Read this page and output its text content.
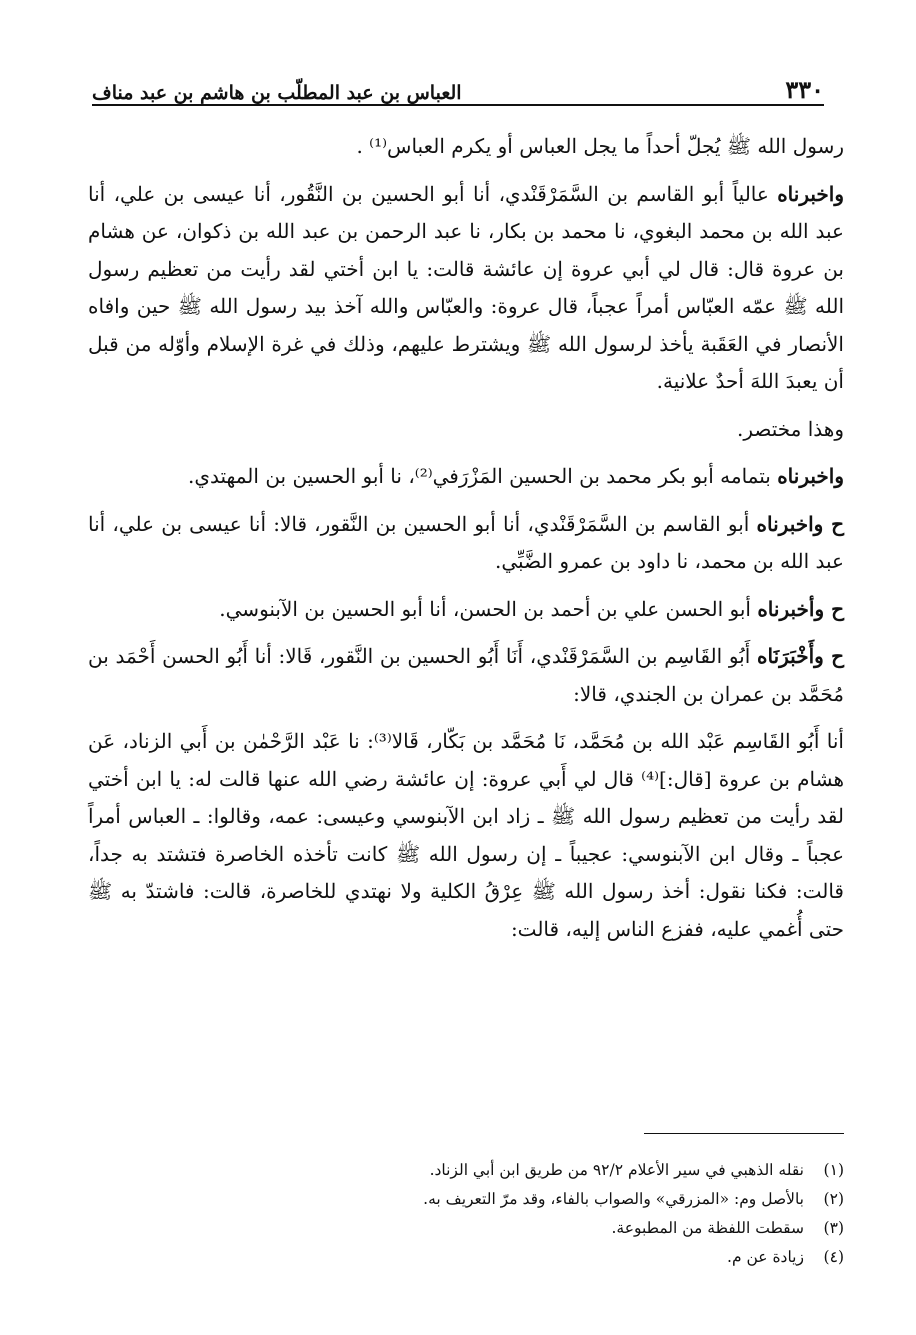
٣٣٠
العباس بن عبد المطلّب بن هاشم بن عبد مناف

رسول الله ﷺ يُجلّ أحداً ما يجل العباس أو يكرم العباس⁽¹⁾ .

واخبرناه عالياً أبو القاسم بن السَّمَرْقَنْدي، أنا أبو الحسين بن النَّقُور، أنا عيسى بن علي، أنا عبد الله بن محمد البغوي، نا محمد بن بكار، نا عبد الرحمن بن عبد الله بن ذكوان، عن هشام بن عروة قال: قال لي أبي عروة إن عائشة قالت: يا ابن أختي لقد رأيت من تعظيم رسول الله ﷺ عمّه العبّاس أمراً عجباً، قال عروة: والعبّاس والله آخذ بيد رسول الله ﷺ حين وافاه الأنصار في العَقَبة يأخذ لرسول الله ﷺ ويشترط عليهم، وذلك في غرة الإسلام وأوّله من قبل أن يعبدَ اللهَ أحدٌ علانية.

وهذا مختصر.

واخبرناه بتمامه أبو بكر محمد بن الحسين المَزْرَفي⁽²⁾، نا أبو الحسين بن المهتدي.

ح واخبرناه أبو القاسم بن السَّمَرْقَنْدي، أنا أبو الحسين بن النَّقور، قالا: أنا عيسى بن علي، أنا عبد الله بن محمد، نا داود بن عمرو الضَّبِّي.

ح وأخبرناه أبو الحسن علي بن أحمد بن الحسن، أنا أبو الحسين بن الآبنوسي.

ح وأَخْبَرَنَاه أَبُو القَاسِم بن السَّمَرْقَنْدي، أَنَا أَبُو الحسين بن النَّقور، قَالا: أنا أَبُو الحسن أَحْمَد بن مُحَمَّد بن عمران بن الجندي، قالا:

أنا أَبُو القَاسِم عَبْد الله بن مُحَمَّد، نَا مُحَمَّد بن بَكّار، قَالا⁽³⁾: نا عَبْد الرَّحْمٰن بن أَبي الزناد، عَن هشام بن عروة [قال:]⁽⁴⁾ قال لي أَبي عروة: إن عائشة رضي الله عنها قالت له: يا ابن أختي لقد رأيت من تعظيم رسول الله ﷺ ـ زاد ابن الآبنوسي وعيسى: عمه، وقالوا: ـ العباس أمراً عجباً ـ وقال ابن الآبنوسي: عجيباً ـ إن رسول الله ﷺ كانت تأخذه الخاصرة فتشتد به جداً، قالت: فكنا نقول: أخذ رسول الله ﷺ عِرْقُ الكلية ولا نهتدي للخاصرة، قالت: فاشتدّ به ﷺ حتى أُغمي عليه، ففزع الناس إليه، قالت:

(١)
نقله الذهبي في سير الأعلام ٩٢/٢ من طريق ابن أبي الزناد.
(٢)
بالأصل وم: «المزرقي» والصواب بالفاء، وقد مرّ التعريف به.
(٣)
سقطت اللفظة من المطبوعة.
(٤)
زيادة عن م.
